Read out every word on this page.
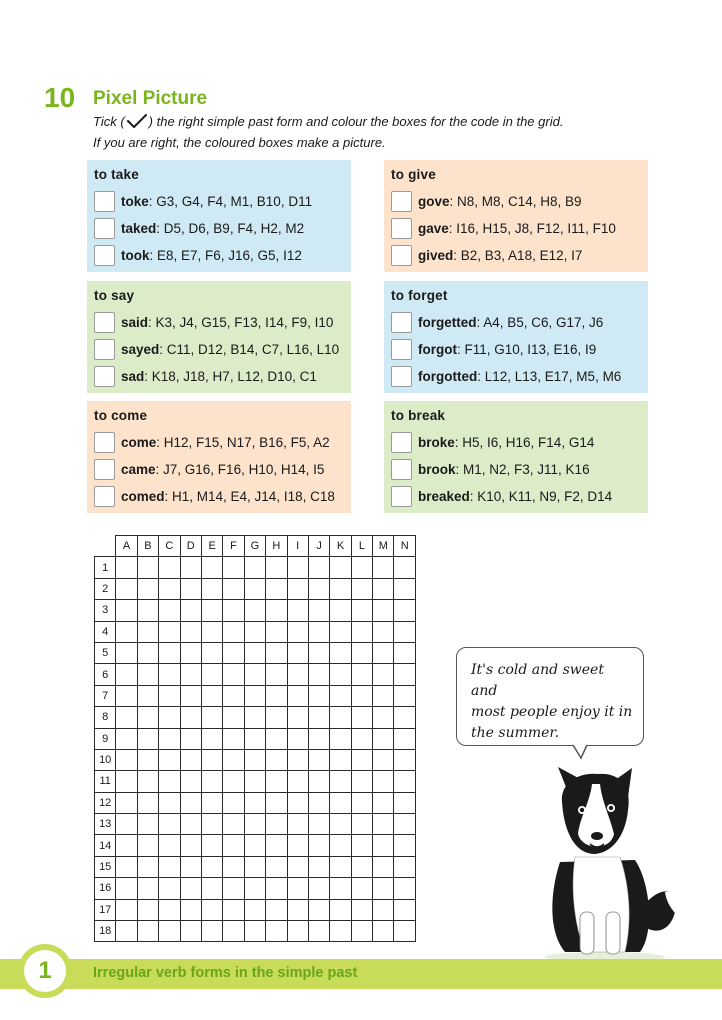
10 Pixel Picture
Tick ( ) the right simple past form and colour the boxes for the code in the grid.
If you are right, the coloured boxes make a picture.
to take
toke: G3, G4, F4, M1, B10, D11
taked: D5, D6, B9, F4, H2, M2
took: E8, E7, F6, J16, G5, I12
to give
gove: N8, M8, C14, H8, B9
gave: I16, H15, J8, F12, I11, F10
gived: B2, B3, A18, E12, I7
to say
said: K3, J4, G15, F13, I14, F9, I10
sayed: C11, D12, B14, C7, L16, L10
sad: K18, J18, H7, L12, D10, C1
to forget
forgetted: A4, B5, C6, G17, J6
forgot: F11, G10, I13, E16, I9
forgotted: L12, L13, E17, M5, M6
to come
come: H12, F15, N17, B16, F5, A2
came: J7, G16, F16, H10, H14, I5
comed: H1, M14, E4, J14, I18, C18
to break
broke: H5, I6, H16, F14, G14
brook: M1, N2, F3, J11, K16
breaked: K10, K11, N9, F2, D14
	A	B	C	D	E	F	G	H	I	J	K	L	M	N
1														
2														
3														
4														
5														
6														
7														
8														
9														
10														
11														
12														
13														
14														
15														
16														
17														
18														
It's cold and sweet and
most people enjoy it in
the summer.
1	Irregular verb forms in the simple past
